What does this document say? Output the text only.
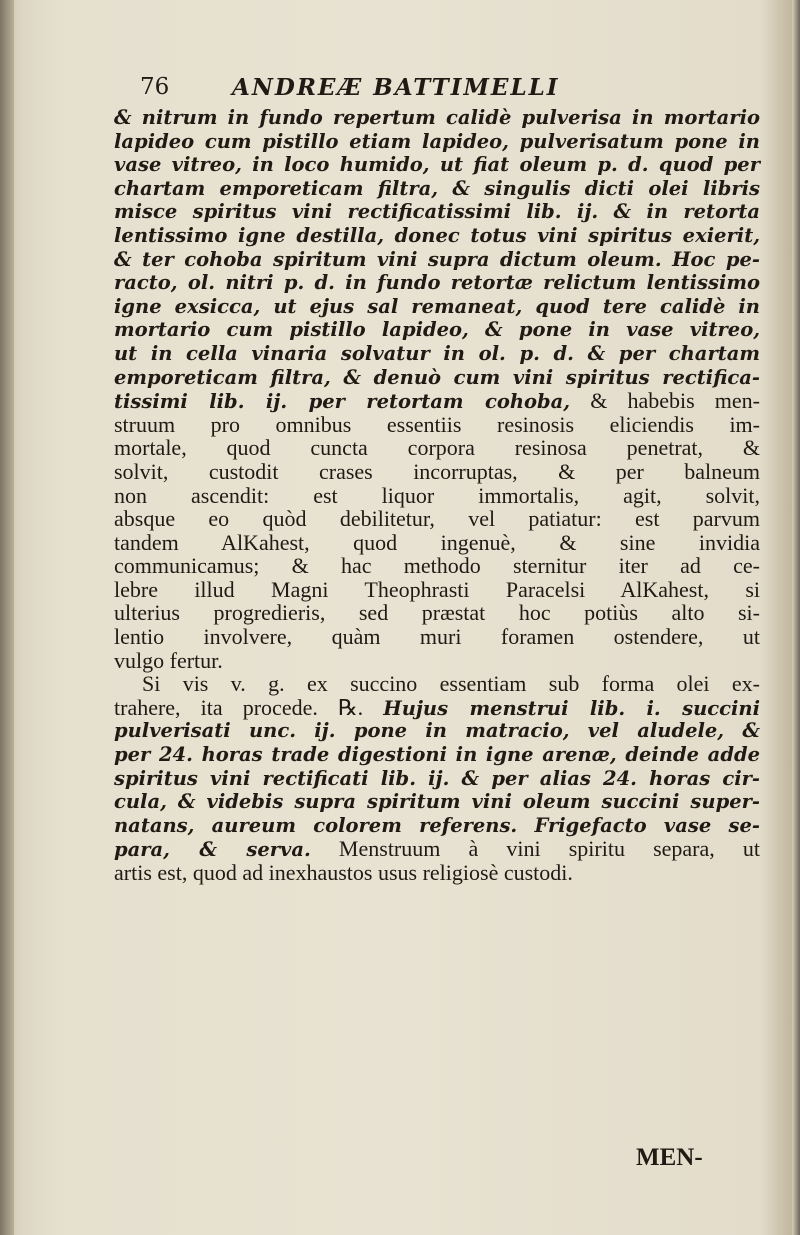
76	ANDREÆ BATTIMELLI
& nitrum in fundo repertum calidè pulverisa in mortario
lapideo cum pistillo etiam lapideo, pulverisatum pone in
vase vitreo, in loco humido, ut fiat oleum p. d. quod per
chartam emporeticam filtra, & singulis dicti olei libris
misce spiritus vini rectificatissimi lib. ij. & in retorta
lentissimo igne destilla, donec totus vini spiritus exierit,
& ter cohoba spiritum vini supra dictum oleum. Hoc pe-
racto, ol. nitri p. d. in fundo retortæ relictum lentissimo
igne exsicca, ut ejus sal remaneat, quod tere calidè in
mortario cum pistillo lapideo, & pone in vase vitreo,
ut in cella vinaria solvatur in ol. p. d. & per chartam
emporeticam filtra, & denuò cum vini spiritus rectifica-
tissimi lib. ij. per retortam cohoba, & habebis men-
struum pro omnibus essentiis resinosis eliciendis im-
mortale, quod cuncta corpora resinosa penetrat, &
solvit, custodit crases incorruptas, & per balneum
non ascendit: est liquor immortalis, agit, solvit,
absque eo quòd debilitetur, vel patiatur: est parvum
tandem AlKahest, quod ingenuè, & sine invidia
communicamus; & hac methodo sternitur iter ad ce-
lebre illud Magni Theophrasti Paracelsi AlKahest, si
ulterius progredieris, sed præstat hoc potiùs alto si-
lentio involvere, quàm muri foramen ostendere, ut
vulgo fertur.
Si vis v. g. ex succino essentiam sub forma olei ex-
trahere, ita procede. ℞. Hujus menstrui lib. i. succini
pulverisati unc. ij. pone in matracio, vel aludele, &
per 24. horas trade digestioni in igne arenæ, deinde adde
spiritus vini rectificati lib. ij. & per alias 24. horas cir-
cula, & videbis supra spiritum vini oleum succini super-
natans, aureum colorem referens. Frigefacto vase se-
para, & serva. Menstruum à vini spiritu separa, ut
artis est, quod ad inexhaustos usus religiosè custodi.
MEN-
